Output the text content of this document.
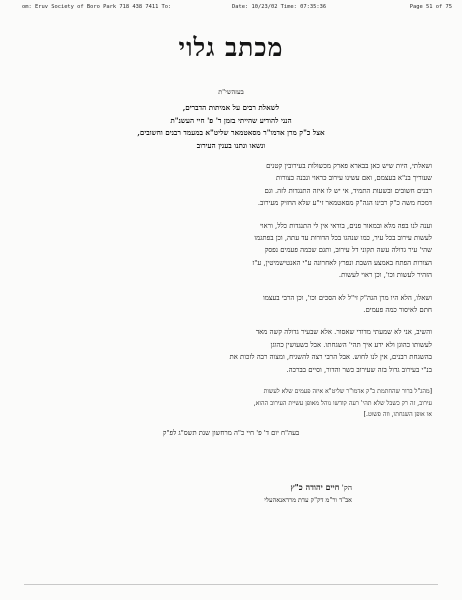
om: Eruv Society of Boro Park 718 438 7411 To:	Date: 10/23/02 Time: 07:35:36	Page 51 of 75
מכתב גלוי
בעזהשי"ת
לשאלת רבים על אמיתות הדברים,
הנני להודיע שהייתי בזמן ד' פ' חיי העשנ"ת
אצל כ"ק מרן אדמו"ר מסאטמאר שליט"א במעמד רבנים וחשובים,
ונשאו ונתנו בענין העירוב
ושאלתי, היות שיש כאן בבארא פארק מכשולות בעירובין קטנים
שעוריך בנ"א בעצמם, ואם עשינו עירוב כראוי ונבנה כצורות
רבנים חשובים ובשעות התמיד, אי יש לו איזה התנגדות לזה. וגם
דמכח משה כ"ק רבינו הגה"ק מסאטמאר זי"ע שלא החזיק מעירוב.
וענה לנו בפה מלא ובמאור פנים, בודאי אין לי התנגדות כלל, וראוי
לעשות עירוב בכל עיר, כמו שנהגו בכל הדורות עד עתה, וכן בפתגמו
שהי' עיר גדולה עשה תקוני דל עירוב, ותגם שכמה פעמים נפסק
הצורות הפתח באמצע השבת ונפרץ לאחרונה ע"י האנטישמיטין, ע"ז
הזהיר לעשות וכו', וכן ראוי לעשות.
ושאלו, הלא היו מרן הגה"ק זי"ל לא הסכים וכו', וכן הרבי בעצמו
חתם לאיסור כמה פעמים.
והשיב, אני לא שמעתי מדודי שאסור. אלא שבעיר גדולה קשה מאד
לעשותו כהוגן ולא ידע איך תהי' השגחתו. אבל כשעושין כהוגן
בהשגחת רבנים, אין לנו לחוש. אבל הרבי רצה להשגיח, ומצוה רבה לזכות את
בנ"י בעירוב גדול בזה שעירוב כשר והדור, וסיים בברכה.
[מהג"ל ברור שהחתמת כ"ק אדמו"ר שליט"א איזה פעמים שלא לעשות
עירוב, זה רק כשבל שלא תהי' רעה קודשו נוהל מאופן עשיית העירוב ההוא,
או אופן השגחתו, וזה פשוט.]
בעה"ח יום ד' פ' חיי כ"ה מרחשון שנת תשס"ג לפ"ק
הק' חיים יהודה כ"ץ
אב"ד ור"מ דק"ק עדת מרדאנאהעלי
